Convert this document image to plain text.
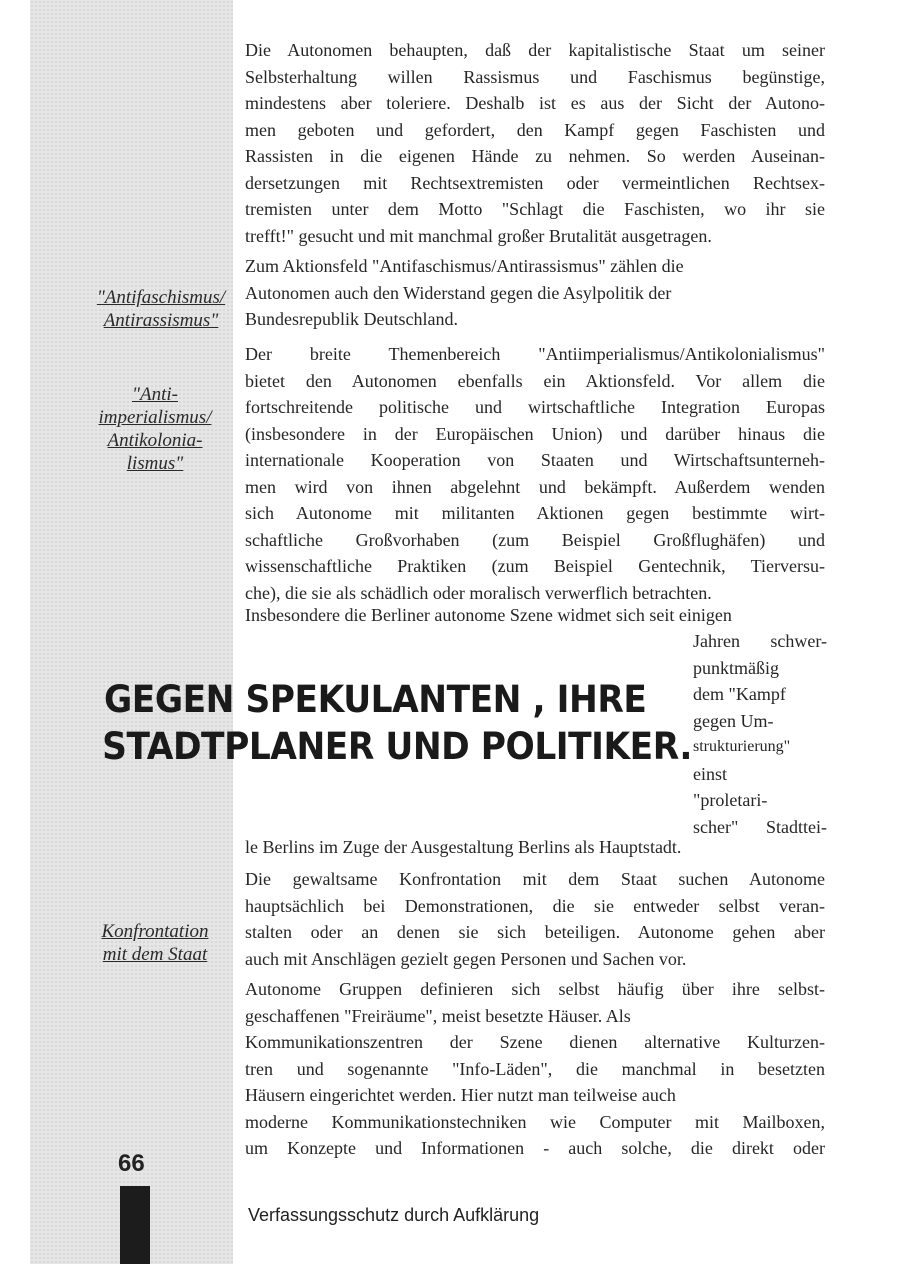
"Antifaschismus/
Antirassismus"
"Anti-
imperialismus/
Antikolonia-
lismus"
Konfrontation
mit dem Staat
Die Autonomen behaupten, daß der kapitalistische Staat um seiner
Selbsterhaltung willen Rassismus und Faschismus begünstige,
mindestens aber toleriere. Deshalb ist es aus der Sicht der Autono-
men geboten und gefordert, den Kampf gegen Faschisten und
Rassisten in die eigenen Hände zu nehmen. So werden Auseinan-
dersetzungen mit Rechtsextremisten oder vermeintlichen Rechtsex-
tremisten unter dem Motto "Schlagt die Faschisten, wo ihr sie
trefft!" gesucht und mit manchmal großer Brutalität ausgetragen.
Zum Aktionsfeld "Antifaschismus/Antirassismus" zählen die
Autonomen auch den Widerstand gegen die Asylpolitik der
Bundesrepublik Deutschland.
Der breite Themenbereich "Antiimperialismus/Antikolonialismus"
bietet den Autonomen ebenfalls ein Aktionsfeld. Vor allem die
fortschreitende politische und wirtschaftliche Integration Europas
(insbesondere in der Europäischen Union) und darüber hinaus die
internationale Kooperation von Staaten und Wirtschaftsunterneh-
men wird von ihnen abgelehnt und bekämpft. Außerdem wenden
sich Autonome mit militanten Aktionen gegen bestimmte wirt-
schaftliche Großvorhaben (zum Beispiel Großflughäfen) und
wissenschaftliche Praktiken (zum Beispiel Gentechnik, Tierversu-
che), die sie als schädlich oder moralisch verwerflich betrachten.
Insbesondere die Berliner autonome Szene widmet sich seit einigen
Jahren schwer-
punktmäßig
dem "Kampf
gegen Um-
strukturierung"
einst
"proletari-
scher" Stadttei-
le Berlins im Zuge der Ausgestaltung Berlins als Hauptstadt.
GEGEN SPEKULANTEN , IHRE
STADTPLANER UND POLITIKER.
Die gewaltsame Konfrontation mit dem Staat suchen Autonome
hauptsächlich bei Demonstrationen, die sie entweder selbst veran-
stalten oder an denen sie sich beteiligen. Autonome gehen aber
auch mit Anschlägen gezielt gegen Personen und Sachen vor.
Autonome Gruppen definieren sich selbst häufig über ihre selbst-
geschaffenen "Freiräume", meist besetzte Häuser. Als
Kommunikationszentren der Szene dienen alternative Kulturzen-
tren und sogenannte "Info-Läden", die manchmal in besetzten
Häusern eingerichtet werden. Hier nutzt man teilweise auch
moderne Kommunikationstechniken wie Computer mit Mailboxen,
um Konzepte und Informationen - auch solche, die direkt oder
66
Verfassungsschutz durch Aufklärung
